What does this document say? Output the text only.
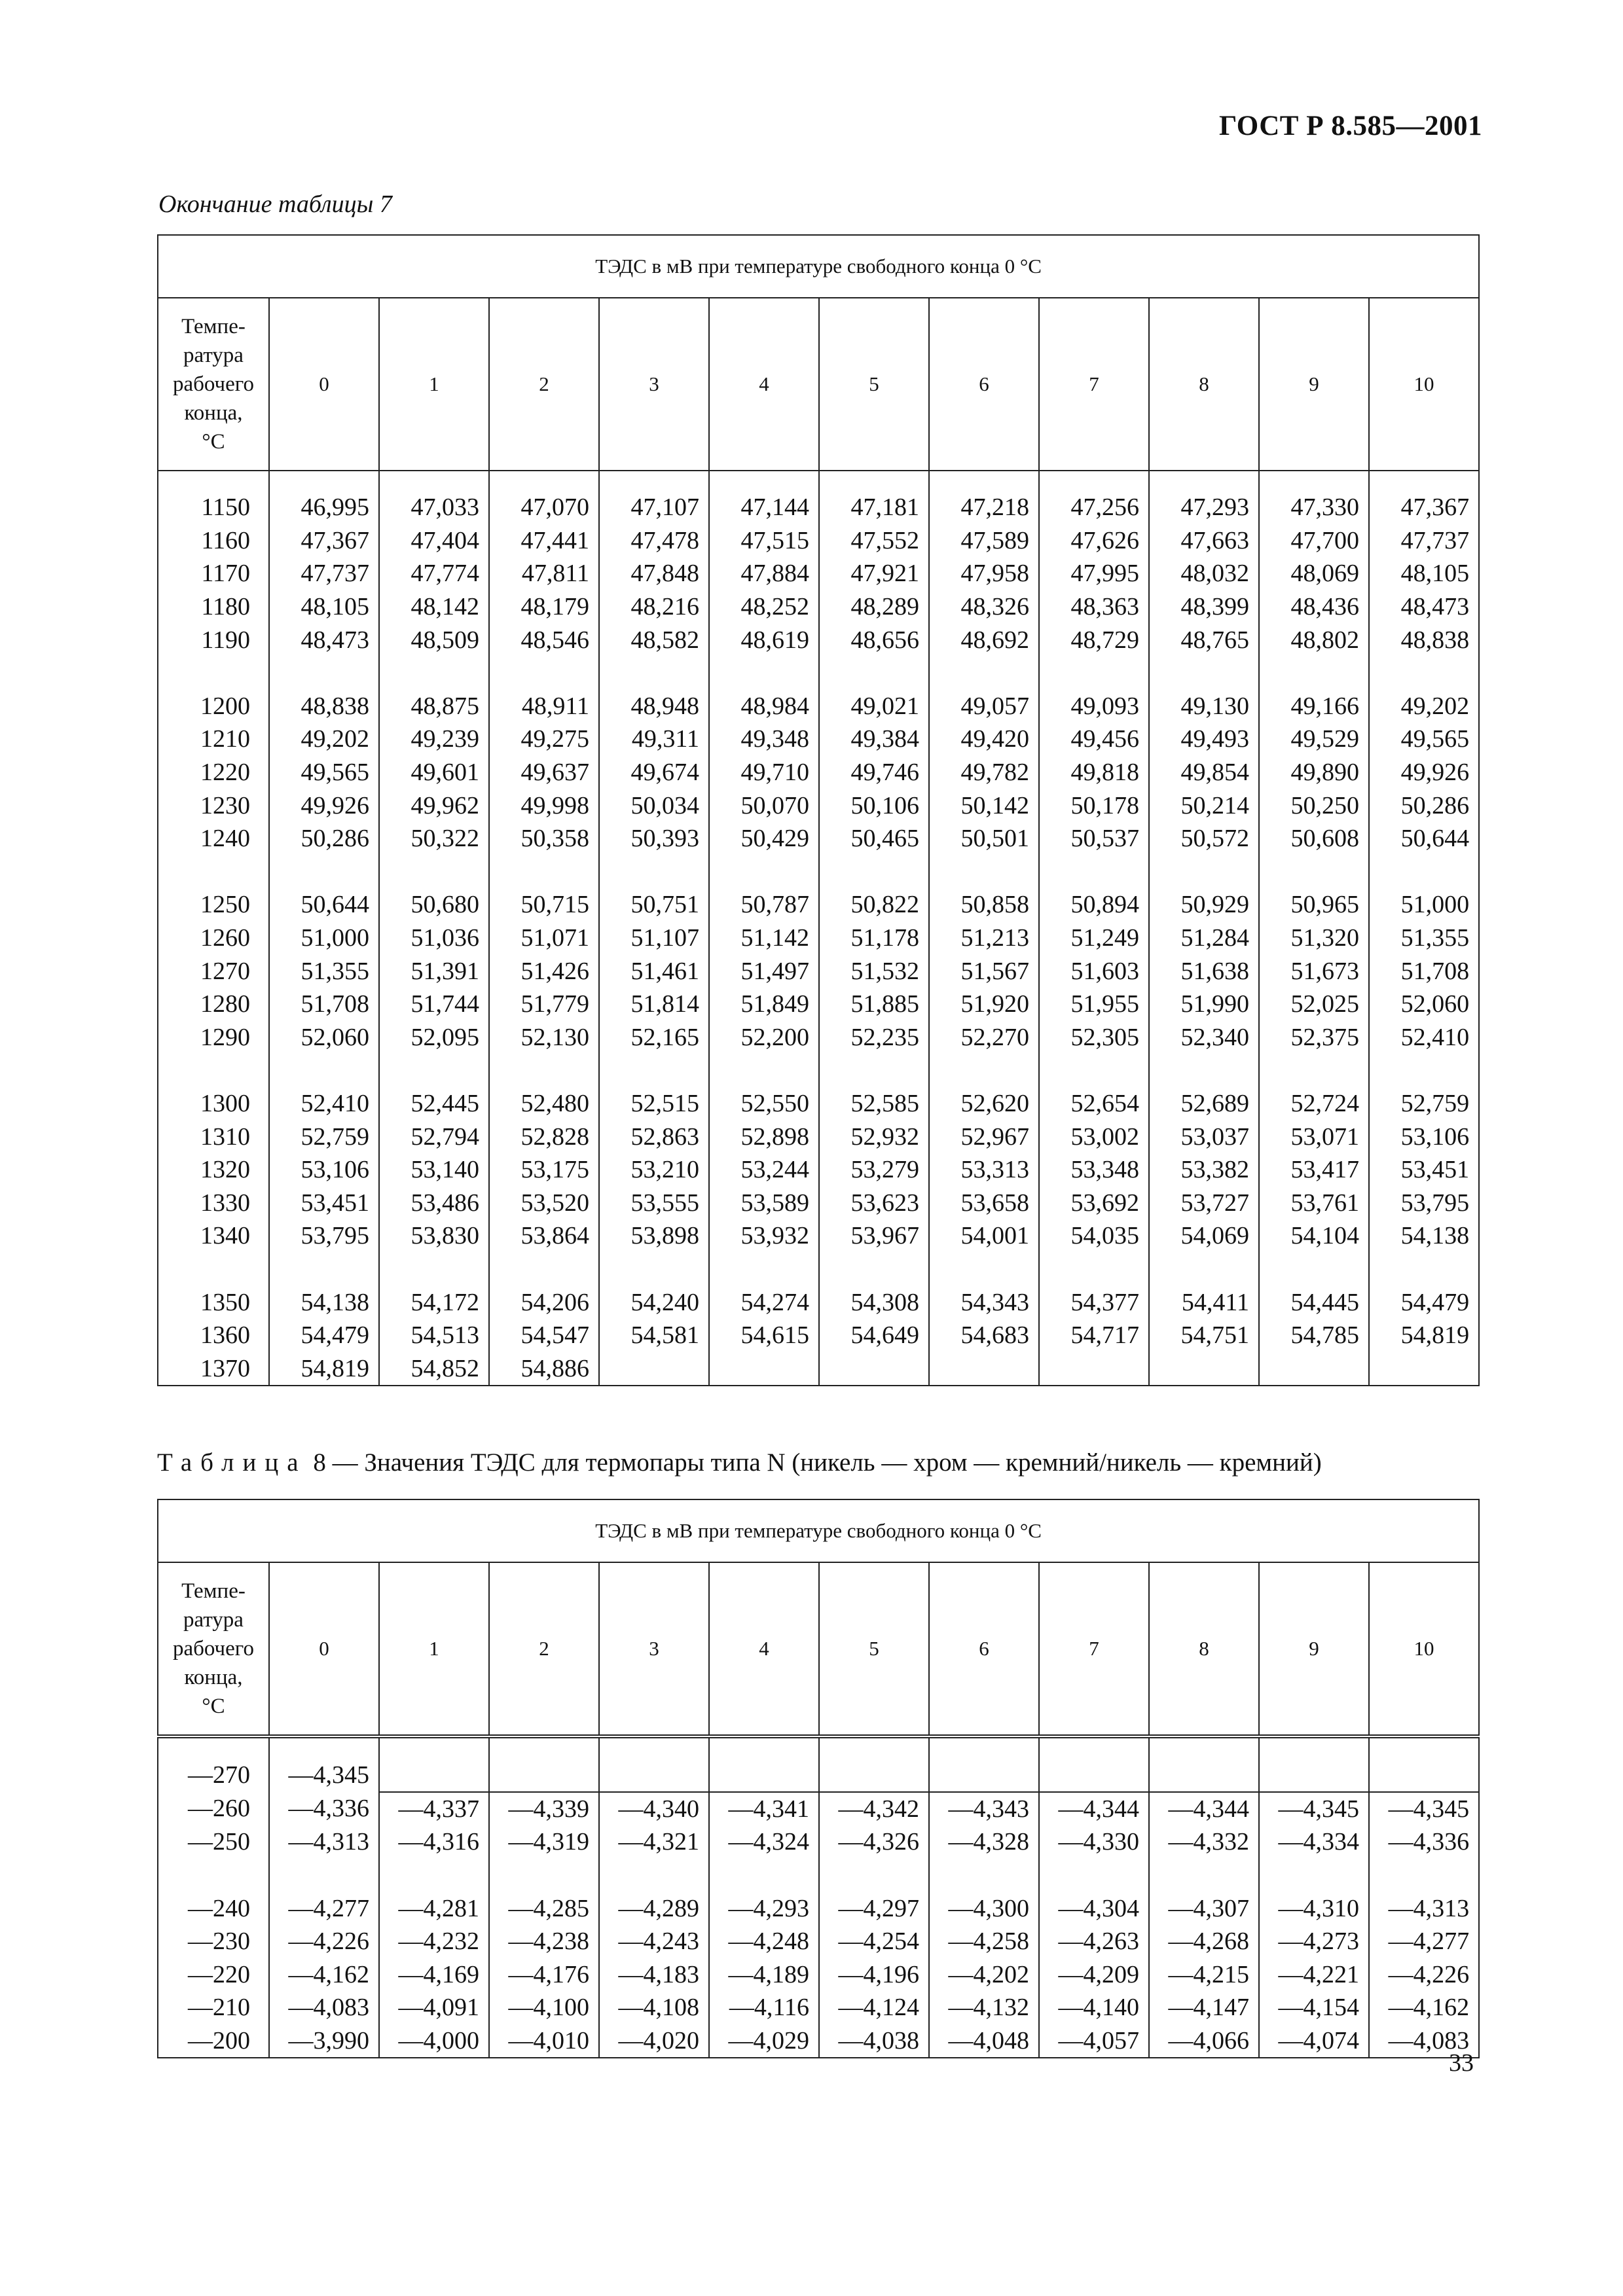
ГОСТ Р 8.585—2001
Окончание таблицы 7
ТЭДС в мВ при температуре свободного конца 0 °С											
Темпе-
ратура
рабочего
конца,
°С	0	1	2	3	4	5	6	7	8	9	10

1150	46,995	47,033	47,070	47,107	47,144	47,181	47,218	47,256	47,293	47,330	47,367
1160	47,367	47,404	47,441	47,478	47,515	47,552	47,589	47,626	47,663	47,700	47,737
1170	47,737	47,774	47,811	47,848	47,884	47,921	47,958	47,995	48,032	48,069	48,105
1180	48,105	48,142	48,179	48,216	48,252	48,289	48,326	48,363	48,399	48,436	48,473
1190	48,473	48,509	48,546	48,582	48,619	48,656	48,692	48,729	48,765	48,802	48,838

1200	48,838	48,875	48,911	48,948	48,984	49,021	49,057	49,093	49,130	49,166	49,202
1210	49,202	49,239	49,275	49,311	49,348	49,384	49,420	49,456	49,493	49,529	49,565
1220	49,565	49,601	49,637	49,674	49,710	49,746	49,782	49,818	49,854	49,890	49,926
1230	49,926	49,962	49,998	50,034	50,070	50,106	50,142	50,178	50,214	50,250	50,286
1240	50,286	50,322	50,358	50,393	50,429	50,465	50,501	50,537	50,572	50,608	50,644

1250	50,644	50,680	50,715	50,751	50,787	50,822	50,858	50,894	50,929	50,965	51,000
1260	51,000	51,036	51,071	51,107	51,142	51,178	51,213	51,249	51,284	51,320	51,355
1270	51,355	51,391	51,426	51,461	51,497	51,532	51,567	51,603	51,638	51,673	51,708
1280	51,708	51,744	51,779	51,814	51,849	51,885	51,920	51,955	51,990	52,025	52,060
1290	52,060	52,095	52,130	52,165	52,200	52,235	52,270	52,305	52,340	52,375	52,410

1300	52,410	52,445	52,480	52,515	52,550	52,585	52,620	52,654	52,689	52,724	52,759
1310	52,759	52,794	52,828	52,863	52,898	52,932	52,967	53,002	53,037	53,071	53,106
1320	53,106	53,140	53,175	53,210	53,244	53,279	53,313	53,348	53,382	53,417	53,451
1330	53,451	53,486	53,520	53,555	53,589	53,623	53,658	53,692	53,727	53,761	53,795
1340	53,795	53,830	53,864	53,898	53,932	53,967	54,001	54,035	54,069	54,104	54,138

1350	54,138	54,172	54,206	54,240	54,274	54,308	54,343	54,377	54,411	54,445	54,479
1360	54,479	54,513	54,547	54,581	54,615	54,649	54,683	54,717	54,751	54,785	54,819
1370	54,819	54,852	54,886								
Таблица 8 — Значения ТЭДС для термопары типа N (никель — хром — кремний/никель — кремний)
ТЭДС в мВ при температуре свободного конца 0 °С											
Темпе-
ратура
рабочего
конца,
°С	0	1	2	3	4	5	6	7	8	9	10

—270	—4,345										
—260	—4,336	—4,337	—4,339	—4,340	—4,341	—4,342	—4,343	—4,344	—4,344	—4,345	—4,345
—250	—4,313	—4,316	—4,319	—4,321	—4,324	—4,326	—4,328	—4,330	—4,332	—4,334	—4,336

—240	—4,277	—4,281	—4,285	—4,289	—4,293	—4,297	—4,300	—4,304	—4,307	—4,310	—4,313
—230	—4,226	—4,232	—4,238	—4,243	—4,248	—4,254	—4,258	—4,263	—4,268	—4,273	—4,277
—220	—4,162	—4,169	—4,176	—4,183	—4,189	—4,196	—4,202	—4,209	—4,215	—4,221	—4,226
—210	—4,083	—4,091	—4,100	—4,108	—4,116	—4,124	—4,132	—4,140	—4,147	—4,154	—4,162
—200	—3,990	—4,000	—4,010	—4,020	—4,029	—4,038	—4,048	—4,057	—4,066	—4,074	—4,083
33
